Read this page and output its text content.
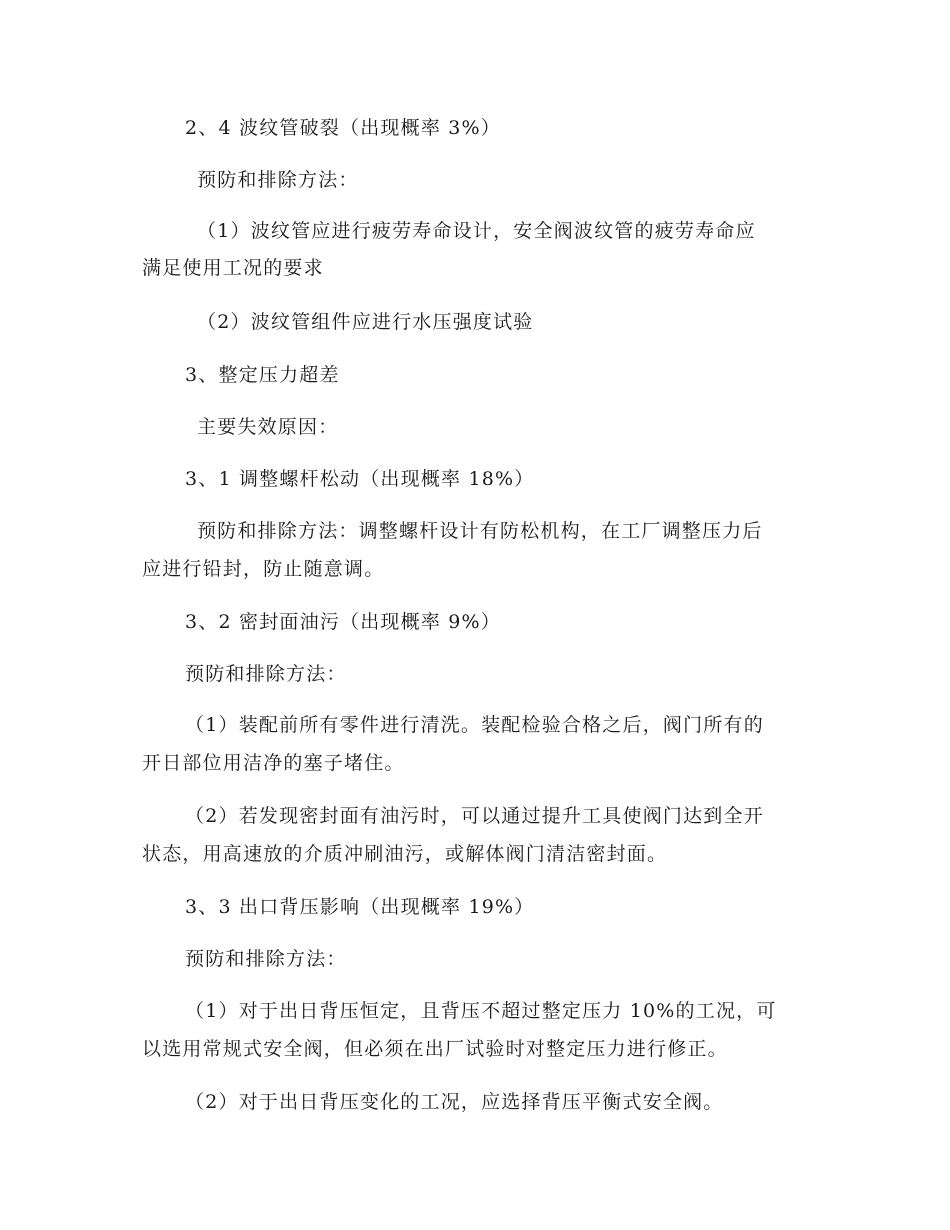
2、4 波纹管破裂（出现概率 3%）
预防和排除方法：
（1）波纹管应进行疲劳寿命设计，安全阀波纹管的疲劳寿命应
满足使用工况的要求
（2）波纹管组件应进行水压强度试验
3、整定压力超差
主要失效原因：
3、1 调整螺杆松动（出现概率 18%）
预防和排除方法：调整螺杆设计有防松机构，在工厂调整压力后
应进行铅封，防止随意调。
3、2 密封面油污（出现概率 9%）
预防和排除方法：
（1）装配前所有零件进行清洗。装配检验合格之后，阀门所有的
开日部位用洁净的塞子堵住。
（2）若发现密封面有油污时，可以通过提升工具使阀门达到全开
状态，用高速放的介质冲刷油污，或解体阀门清洁密封面。
3、3 出口背压影响（出现概率 19%）
预防和排除方法：
（1）对于出日背压恒定，且背压不超过整定压力 10%的工况，可
以选用常规式安全阀，但必须在出厂试验时对整定压力进行修正。
（2）对于出日背压变化的工况，应选择背压平衡式安全阀。
